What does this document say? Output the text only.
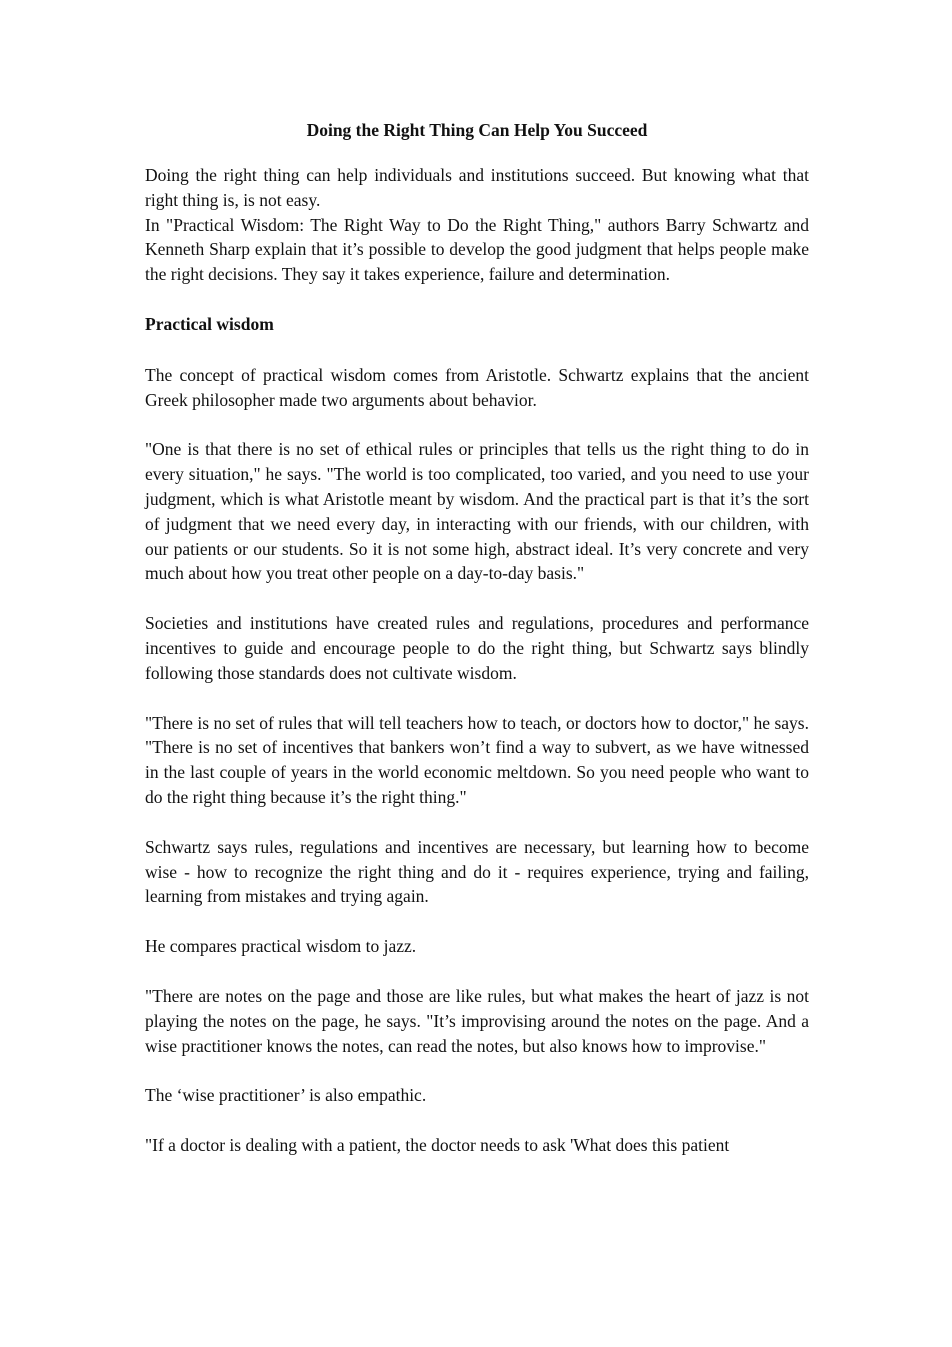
Doing the Right Thing Can Help You Succeed

Doing the right thing can help individuals and institutions succeed. But knowing what that right thing is, is not easy.

In "Practical Wisdom: The Right Way to Do the Right Thing," authors Barry Schwartz and Kenneth Sharp explain that it’s possible to develop the good judgment that helps people make the right decisions. They say it takes experience, failure and determination.

Practical wisdom

The concept of practical wisdom comes from Aristotle. Schwartz explains that the ancient Greek philosopher made two arguments about behavior.

"One is that there is no set of ethical rules or principles that tells us the right thing to do in every situation," he says. "The world is too complicated, too varied, and you need to use your judgment, which is what Aristotle meant by wisdom. And the practical part is that it’s the sort of judgment that we need every day, in interacting with our friends, with our children, with our patients or our students. So it is not some high, abstract ideal. It’s very concrete and very much about how you treat other people on a day-to-day basis."

Societies and institutions have created rules and regulations, procedures and performance incentives to guide and encourage people to do the right thing, but Schwartz says blindly following those standards does not cultivate wisdom.

"There is no set of rules that will tell teachers how to teach, or doctors how to doctor," he says. "There is no set of incentives that bankers won’t find a way to subvert, as we have witnessed in the last couple of years in the world economic meltdown. So you need people who want to do the right thing because it’s the right thing."

Schwartz says rules, regulations and incentives are necessary, but learning how to become wise - how to recognize the right thing and do it - requires experience, trying and failing, learning from mistakes and trying again.

He compares practical wisdom to jazz.

"There are notes on the page and those are like rules, but what makes the heart of jazz is not playing the notes on the page, he says. "It’s improvising around the notes on the page. And a wise practitioner knows the notes, can read the notes, but also knows how to improvise."

The ‘wise practitioner’ is also empathic.

"If a doctor is dealing with a patient, the doctor needs to ask 'What does this patient
